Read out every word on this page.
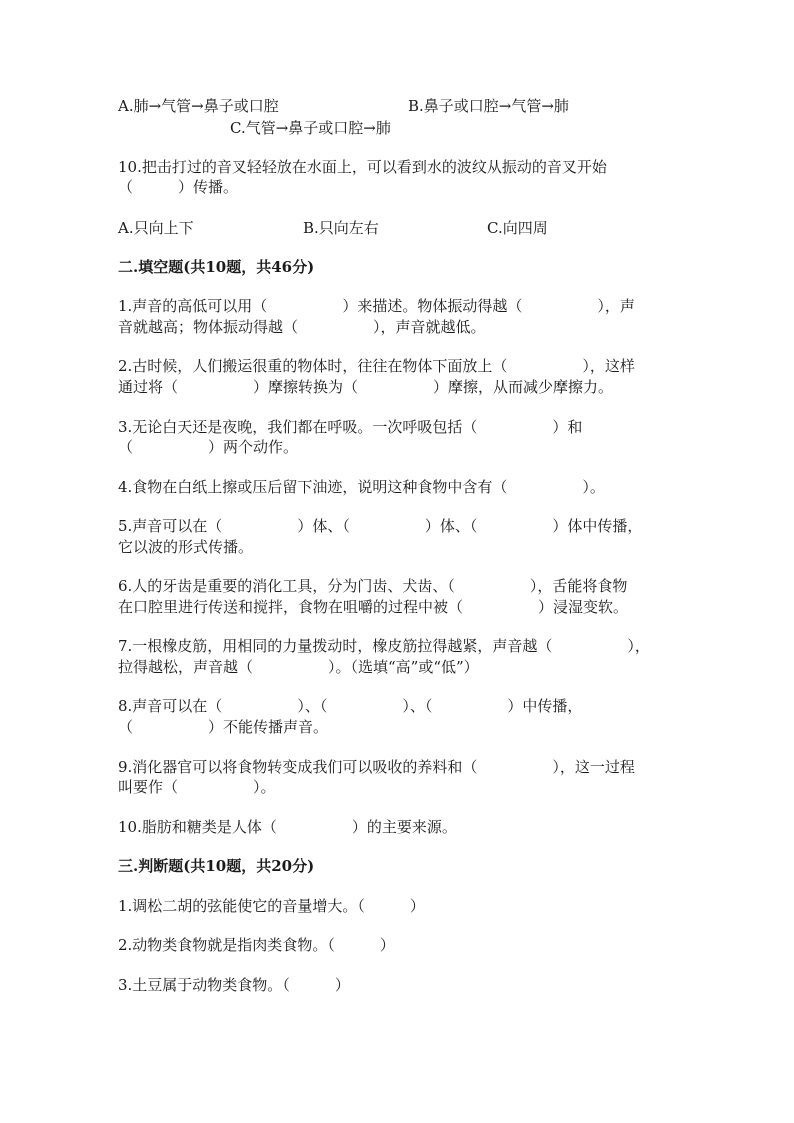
A.肺→气管→鼻子或口腔	B.鼻子或口腔→气管→肺
C.气管→鼻子或口腔→肺
10.把击打过的音叉轻轻放在水面上，可以看到水的波纹从振动的音叉开始
（　　　）传播。
A.只向上下	B.只向左右	C.向四周
二.填空题(共10题，共46分)
1.声音的高低可以用（　　　　　）来描述。物体振动得越（　　　　　），声
音就越高；物体振动得越（　　　　　），声音就越低。
2.古时候，人们搬运很重的物体时，往往在物体下面放上（　　　　　），这样
通过将（　　　　　）摩擦转换为（　　　　　）摩擦，从而减少摩擦力。
3.无论白天还是夜晚，我们都在呼吸。一次呼吸包括（　　　　　）和
（　　　　　）两个动作。
4.食物在白纸上擦或压后留下油迹，说明这种食物中含有（　　　　　）。
5.声音可以在（　　　　　）体、（　　　　　）体、（　　　　　）体中传播，
它以波的形式传播。
6.人的牙齿是重要的消化工具，分为门齿、犬齿、（　　　　　），舌能将食物
在口腔里进行传送和搅拌，食物在咀嚼的过程中被（　　　　　）浸湿变软。
7.一根橡皮筋，用相同的力量拨动时，橡皮筋拉得越紧，声音越（　　　　　），
拉得越松，声音越（　　　　　）。（选填“高”或“低”）
8.声音可以在（　　　　　）、（　　　　　）、（　　　　　）中传播，
（　　　　　）不能传播声音。
9.消化器官可以将食物转变成我们可以吸收的养料和（　　　　　），这一过程
叫要作（　　　　　）。
10.脂肪和糖类是人体（　　　　　）的主要来源。
三.判断题(共10题，共20分)
1.调松二胡的弦能使它的音量增大。（　　　）
2.动物类食物就是指肉类食物。（　　　）
3.土豆属于动物类食物。（　　　）
